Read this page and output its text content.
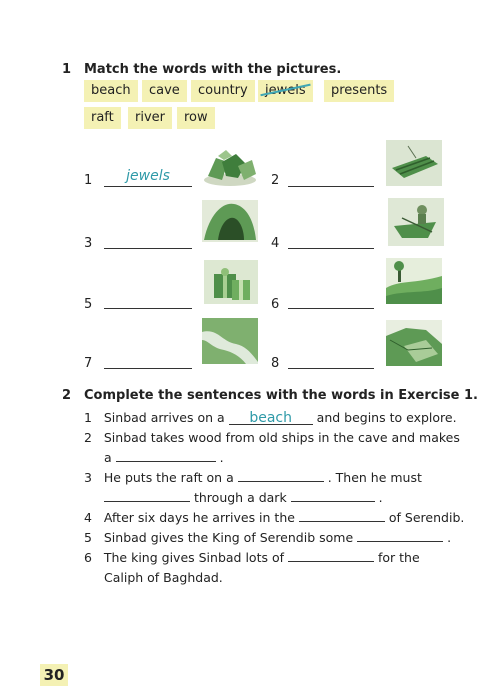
1 Match the words with the pictures.
beach	cave	country	jewels	presents
raft	river	row
1	jewels	2
3	4
5	6
7	8
2 Complete the sentences with the words in Exercise 1.
1 Sinbad arrives on a beach and begins to explore.
2 Sinbad takes wood from old ships in the cave and makes
a	.
3 He puts the raft on a	. Then he must
through a dark	.
4 After six days he arrives in the	of Serendib.
5 Sinbad gives the King of Serendib some	.
6 The king gives Sinbad lots of	for the
Caliph of Baghdad.
30
